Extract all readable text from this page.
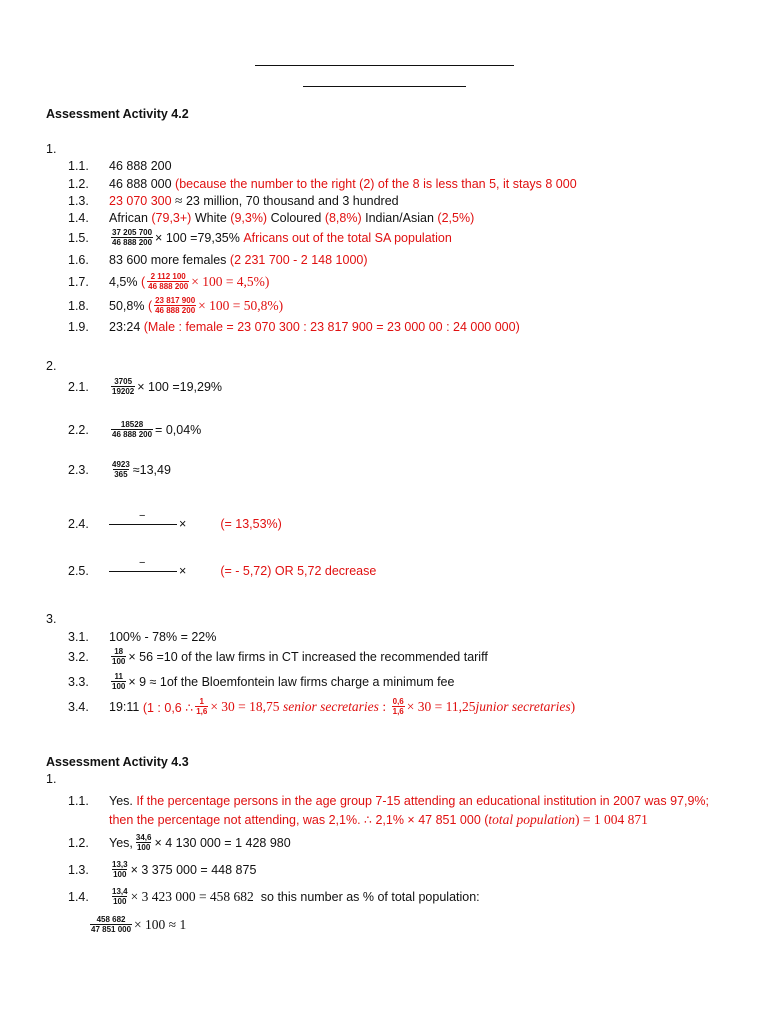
Assessment Activity 4.2
1.
1.1.	46 888 200
1.2.	46 888 000
(because the number to the right (2) of the 8 is less than 5, it stays 8 000
1.3.	23 070 300
≈
23 million, 70 thousand and 3 hundred
1.4.	African
(79,3+)
White
(9,3%)
Coloured
(8,8%)
Indian/Asian
(2,5%)
1.5.	$\frac{37 205 700}{46 888 200} \times 100 =79,35\%$
Africans out of the total SA population
1.6.	83 600 more females
(2 231 700 - 2 148 1000)
1.7.	4,5%
( $\frac{2 112 100}{46 888 200} \times 100 = 4,5\%$)
1.8.	50,8%
( $\frac{23 817 900}{46 888 200} \times 100 = 50,8\%$)
1.9.	23:24
(Male : female = 23 070 300 : 23 817 900 = 23 000 00 : 24 000 000)
2.
2.1.	$\frac{3705}{19202} \times 100 =19,29\%$
2.2.	$\frac{18528}{46 888 200} = 0,04\%$
2.3.	$\frac{4923}{365} \approx 13,49$
2.4.
−
×	(= 13,53%)
2.5.
−
×	(= - 5,72) OR 5,72 decrease
3.
3.1.	100% - 78% = 22%
3.2.	$\frac{18}{100} \times 56 =10$ of the law firms in CT increased the recommended tariff
3.3.	$\frac{11}{100} \times 9 \approx 1of$ the Bloemfontein law firms charge a minimum fee
3.4.	19:11
(1 : 0,6 ∴ $\frac{1}{1,6} \times 30 = 18,75$
senior secretaries
:
$\frac{0,6}{1,6} \times 30 = 11,25$ junior secretaries )
Assessment Activity 4.3
1.
1.1.	Yes.
If the percentage persons in the age group 7-15 attending an educational institution in 2007 was 97,9%;
then the percentage not attending, was 2,1%. ∴ 2,1% × 47 851 000 (total population) = 1 004 871
1.2.	Yes, $\frac{34,6}{100} \times 4$ 130 000 = 1 428 980
1.3.	$\frac{13,3}{100} \times 3$ 375 000 = 448 875
1.4.	$\frac{13,4}{100} \times 3$ 423 000 = 458 682
so this number as % of total population:
$\frac{458 682}{47 851 000} \times 100 \approx 1$
